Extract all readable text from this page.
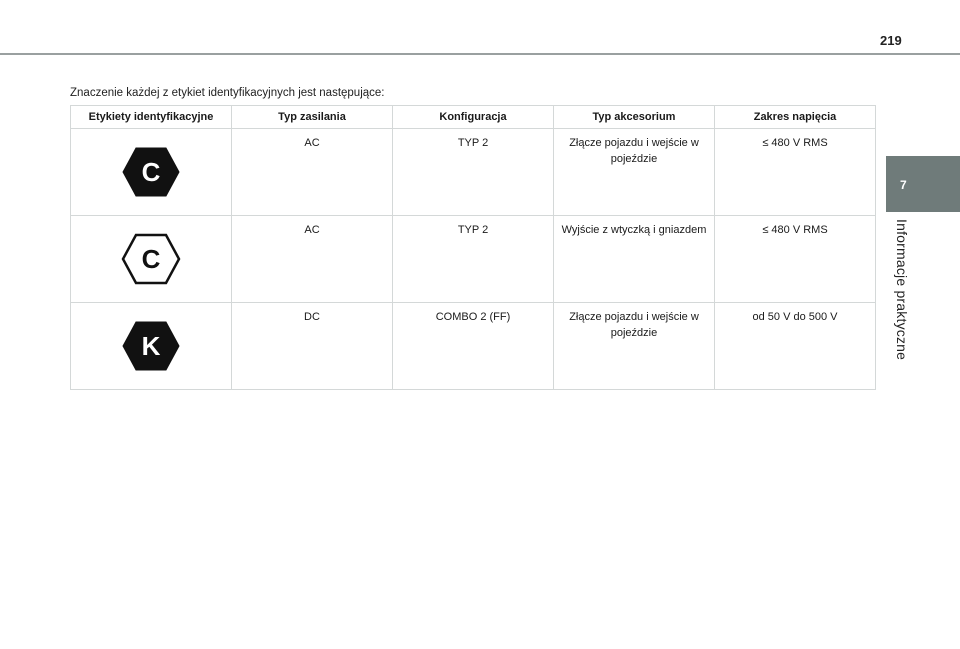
219
7
Informacje praktyczne
Znaczenie każdej z etykiet identyfikacyjnych jest następujące:
Etykiety identyfikacyjne	Typ zasilania	Konfiguracja	Typ akcesorium	Zakres napięcia

C	AC	TYP 2	Złącze pojazdu i wejście w pojeździe	≤ 480 V RMS

C	AC	TYP 2	Wyjście z wtyczką i gniazdem	≤ 480 V RMS

K	DC	COMBO 2 (FF)	Złącze pojazdu i wejście w pojeździe	od 50 V do 500 V
